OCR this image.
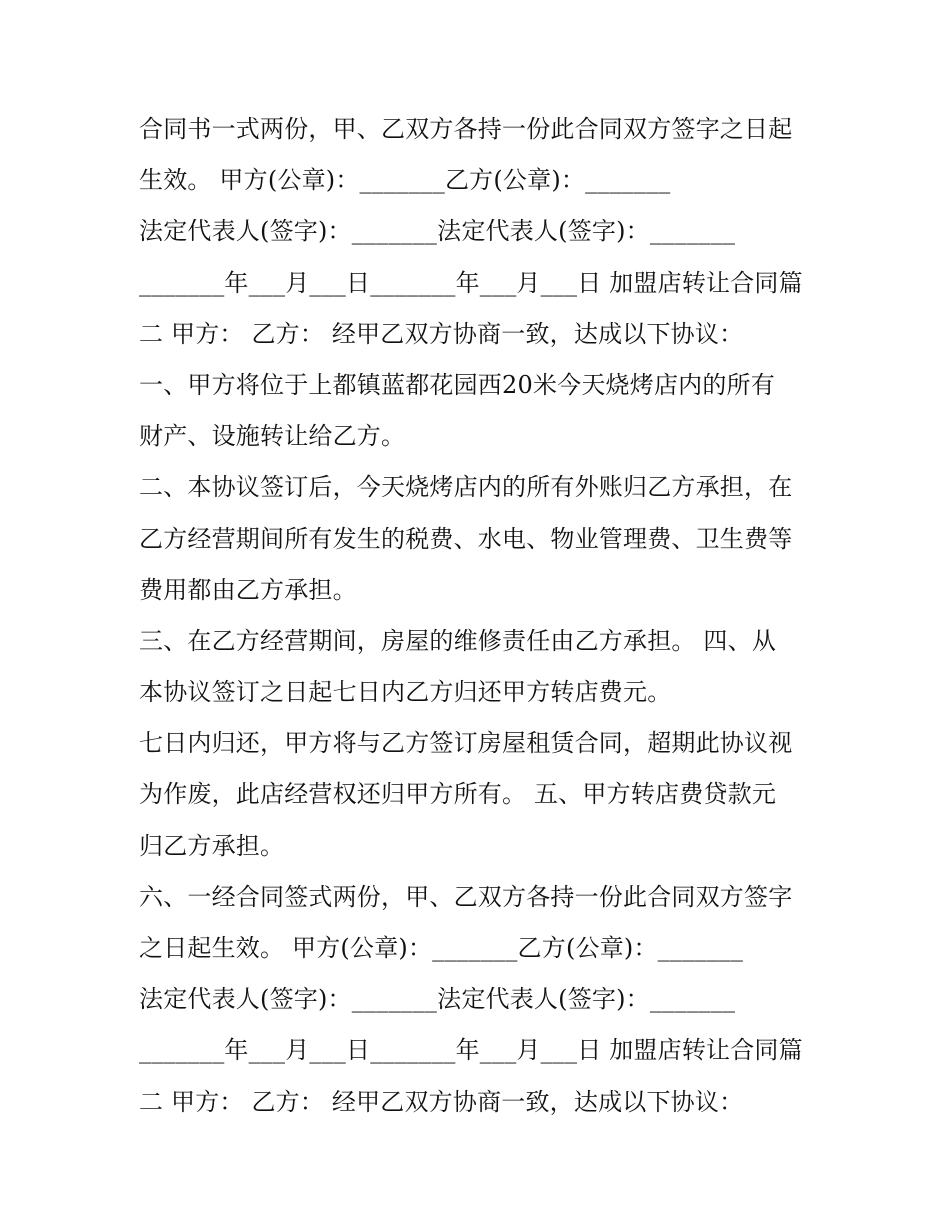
合同书一式两份，甲、乙双方各持一份此合同双方签字之日起
生效。 甲方(公章)：_______乙方(公章)：_______
法定代表人(签字)：_______法定代表人(签字)：_______
_______年___月___日_______年___月___日 加盟店转让合同篇
二 甲方： 乙方： 经甲乙双方协商一致，达成以下协议：
一、甲方将位于上都镇蓝都花园西20米今天烧烤店内的所有
财产、设施转让给乙方。
二、本协议签订后，今天烧烤店内的所有外账归乙方承担，在
乙方经营期间所有发生的税费、水电、物业管理费、卫生费等
费用都由乙方承担。
三、在乙方经营期间，房屋的维修责任由乙方承担。 四、从
本协议签订之日起七日内乙方归还甲方转店费元。
七日内归还，甲方将与乙方签订房屋租赁合同，超期此协议视
为作废，此店经营权还归甲方所有。 五、甲方转店费贷款元
归乙方承担。
六、一经合同签式两份，甲、乙双方各持一份此合同双方签字
之日起生效。 甲方(公章)：_______乙方(公章)：_______
法定代表人(签字)：_______法定代表人(签字)：_______
_______年___月___日_______年___月___日 加盟店转让合同篇
二 甲方： 乙方： 经甲乙双方协商一致，达成以下协议：
